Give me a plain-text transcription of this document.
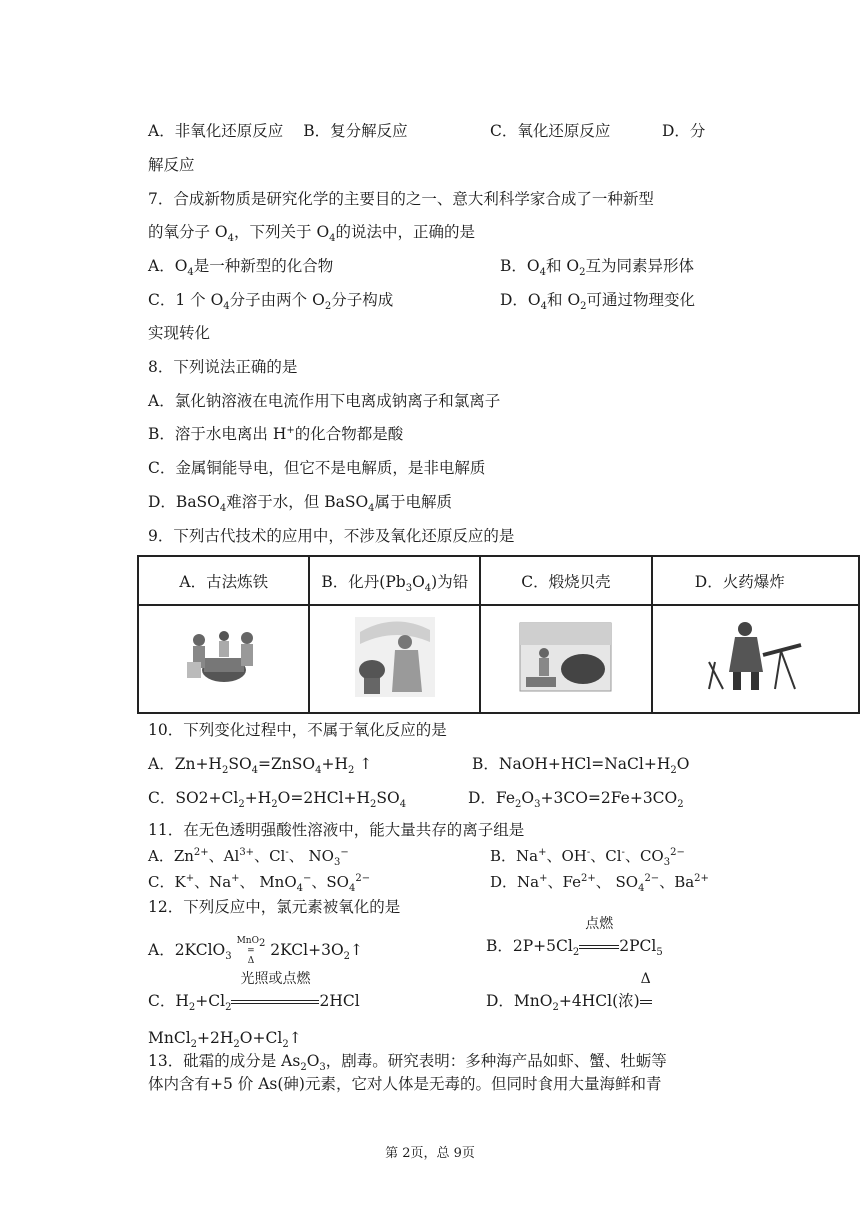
A．非氧化还原反应 B．复分解反应	C．氧化还原反应	D．分
解反应
7．合成新物质是研究化学的主要目的之一、意大利科学家合成了一种新型
的氧分子 $O_4$，下列关于 $O_4$的说法中，正确的是
A．$O_4$是一种新型的化合物	B．$O_4$和 $O_2$互为同素异形体
C．1 个 $O_4$分子由两个 $O_2$分子构成	D．$O_4$和 $O_2$可通过物理变化
实现转化
8．下列说法正确的是
A．氯化钠溶液在电流作用下电离成钠离子和氯离子
B．溶于水电离出 H+的化合物都是酸
C．金属铜能导电，但它不是电解质，是非电解质
D．BaSO$_4$难溶于水，但 BaSO$_4$属于电解质
9．下列古代技术的应用中，不涉及氧化还原反应的是
A．古法炼铁	B．化丹$(Pb_3O_4)$为铅	C．煅烧贝壳	D．火药爆炸

10．下列变化过程中，不属于氧化反应的是
A．$Zn+H_2SO_4=ZnSO_4+H_2$ ↑	B．$NaOH+HCl=NaCl+H_2O$
C．$SO2+Cl_2+H_2O=2HCl+H_2SO_4$	D．$Fe_2O_3+3CO=2Fe+3CO_2$
11．在无色透明强酸性溶液中，能大量共存的离子组是
A．$Zn^{2+}$、$Al^{3+}$、Cl-、 $NO_3^-$	B．Na+、OH-、Cl-、$CO_3^{2-}$
C．K+、Na+、 MnO$_4$−、$SO_4^{2-}$	D．Na+、$Fe^{2+}$、 $SO_4^{2-}$、$Ba^{2+}$
12．下列反应中，氯元素被氧化的是
A．2KClO$_3$ MnO$_2$
=
Δ $2KCl+3O_2↑$	B．$2P+5Cl_2$
点燃
2PCl$_5$
C．$H_2+Cl_2$
光照或点燃
2HCl	D．MnO$_2$+4HCl(浓)
Δ
$MnCl_2+2H_2O+Cl_2↑$
13．砒霜的成分是 $As_2O_3$，剧毒。研究表明：多种海产品如虾、蟹、牡蛎等
体内含有+5 价 As(砷)元素，它对人体是无毒的。但同时食用大量海鲜和青
第 2页，总 9页
